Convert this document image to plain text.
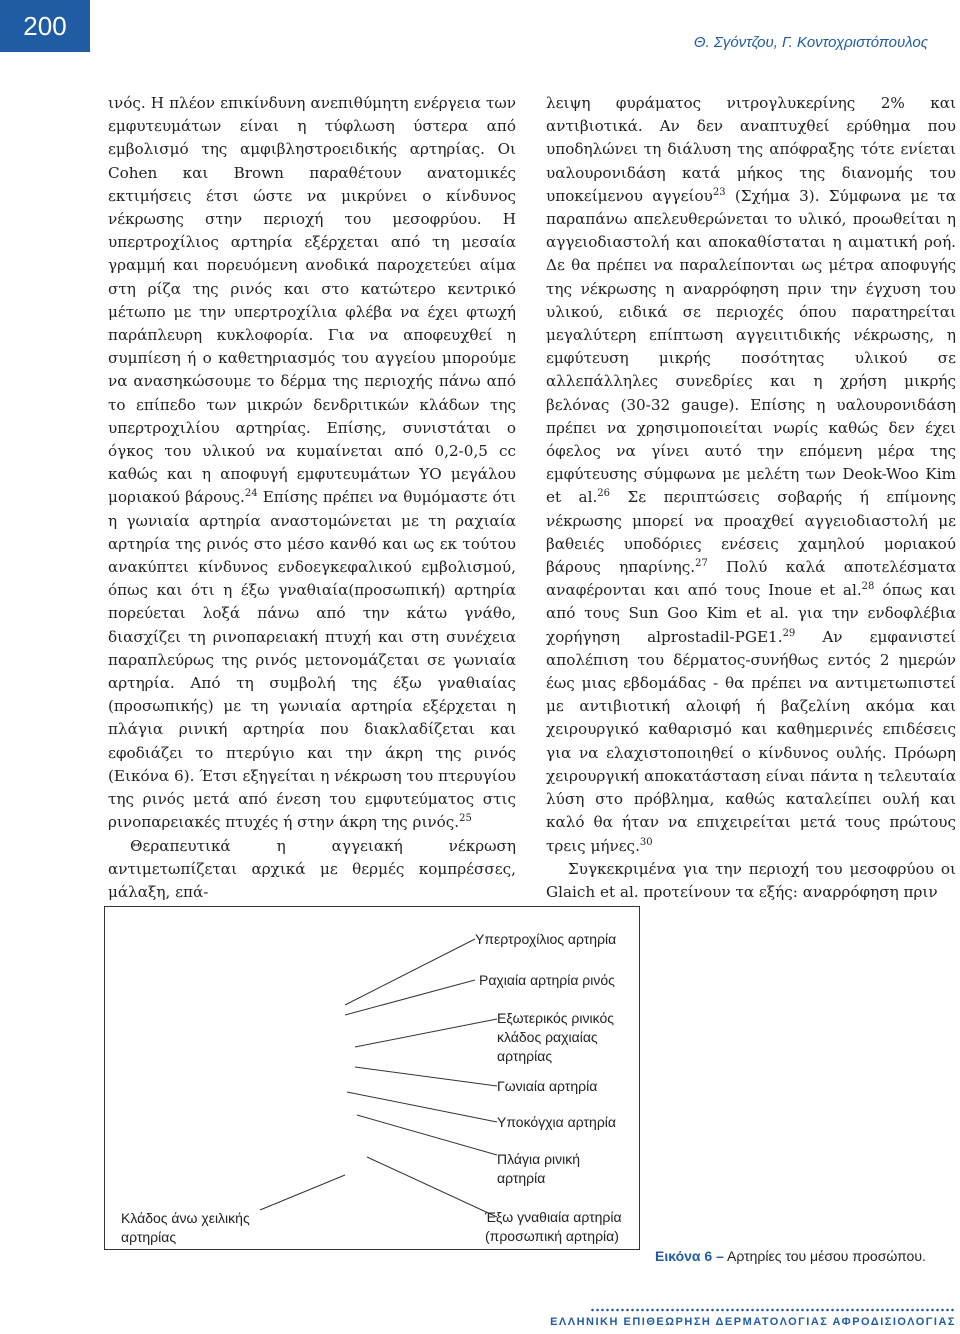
200
Θ. Σγόντζου, Γ. Κοντοχριστόπουλος

ινός. Η πλέον επικίνδυνη ανεπιθύμητη ενέργεια των εμφυτευμάτων είναι η τύφλωση ύστερα από εμβολισμό της αμφιβληστροειδικής αρτηρίας. Οι Cohen και Brown παραθέτουν ανατομικές εκτιμήσεις έτσι ώστε να μικρύνει ο κίνδυνος νέκρωσης στην περιοχή του μεσοφρύου. Η υπερτροχίλιος αρτηρία εξέρχεται από τη μεσαία γραμμή και πορευόμενη ανοδικά παροχετεύει αίμα στη ρίζα της ρινός και στο κατώτερο κεντρικό μέτωπο με την υπερτροχίλια φλέβα να έχει φτωχή παράπλευρη κυκλοφορία. Για να αποφευχθεί η συμπίεση ή ο καθετηριασμός του αγγείου μπορούμε να ανασηκώσουμε το δέρμα της περιοχής πάνω από το επίπεδο των μικρών δενδριτικών κλάδων της υπερτροχιλίου αρτηρίας. Επίσης, συνιστάται ο όγκος του υλικού να κυμαίνεται από 0,2-0,5 cc καθώς και η αποφυγή εμφυτευμάτων ΥΟ μεγάλου μοριακού βάρους.$^{24}$ Επίσης πρέπει να θυμόμαστε ότι η γωνιαία αρτηρία αναστομώνεται με τη ραχιαία αρτηρία της ρινός στο μέσο κανθό και ως εκ τούτου ανακύπτει κίνδυνος ενδοεγκεφαλικού εμβολισμού, όπως και ότι η έξω γναθιαία(προσωπική) αρτηρία πορεύεται λοξά πάνω από την κάτω γνάθο, διασχίζει τη ρινοπαρειακή πτυχή και στη συνέχεια παραπλεύρως της ρινός μετονομάζεται σε γωνιαία αρτηρία. Από τη συμβολή της έξω γναθιαίας (προσωπικής) με τη γωνιαία αρτηρία εξέρχεται η πλάγια ρινική αρτηρία που διακλαδίζεται και εφοδιάζει το πτερύγιο και την άκρη της ρινός (Εικόνα 6). Έτσι εξηγείται η νέκρωση του πτερυγίου της ρινός μετά από ένεση του εμφυτεύματος στις ρινοπαρειακές πτυχές ή στην άκρη της ρινός.$^{25}$

Θεραπευτικά η αγγειακή νέκρωση αντιμετωπίζεται αρχικά με θερμές κομπρέσσες, μάλαξη, επά-

λειψη φυράματος νιτρογλυκερίνης 2% και αντιβιοτικά. Αν δεν αναπτυχθεί ερύθημα που υποδηλώνει τη διάλυση της απόφραξης τότε ενίεται υαλουρονιδάση κατά μήκος της διανομής του υποκείμενου αγγείου$^{23}$ (Σχήμα 3). Σύμφωνα με τα παραπάνω απελευθερώνεται το υλικό, προωθείται η αγγειοδιαστολή και αποκαθίσταται η αιματική ροή. Δε θα πρέπει να παραλείπονται ως μέτρα αποφυγής της νέκρωσης η αναρρόφηση πριν την έγχυση του υλικού, ειδικά σε περιοχές όπου παρατηρείται μεγαλύτερη επίπτωση αγγειιτιδικής νέκρωσης, η εμφύτευση μικρής ποσότητας υλικού σε αλλεπάλληλες συνεδρίες και η χρήση μικρής βελόνας (30-32 gauge). Επίσης η υαλουρονιδάση πρέπει να χρησιμοποιείται νωρίς καθώς δεν έχει όφελος να γίνει αυτό την επόμενη μέρα της εμφύτευσης σύμφωνα με μελέτη των Deok-Woo Kim et al.$^{26}$ Σε περιπτώσεις σοβαρής ή επίμονης νέκρωσης μπορεί να προαχθεί αγγειοδιαστολή με βαθειές υποδόριες ενέσεις χαμηλού μοριακού βάρους ηπαρίνης.$^{27}$ Πολύ καλά αποτελέσματα αναφέρονται και από τους Inoue et al.$^{28}$ όπως και από τους Sun Goo Kim et al. για την ενδοφλέβια χορήγηση alprostadil-PGE1.29 Αν εμφανιστεί απολέπιση του δέρματος-συνήθως εντός 2 ημερών έως μιας εβδομάδας - θα πρέπει να αντιμετωπιστεί με αντιβιοτική αλοιφή ή βαζελίνη ακόμα και χειρουργικό καθαρισμό και καθημερινές επιδέσεις για να ελαχιστοποιηθεί ο κίνδυνος ουλής. Πρόωρη χειρουργική αποκατάσταση είναι πάντα η τελευταία λύση στο πρόβλημα, καθώς καταλείπει ουλή και καλό θα ήταν να επιχειρείται μετά τους πρώτους τρεις μήνες.$^{30}$

Συγκεκριμένα για την περιοχή του μεσοφρύου οι Glaich et al. προτείνουν τα εξής: αναρρόφηση πριν

Υπερτροχίλιος αρτηρία
Ραχιαία αρτηρία ρινός
Εξωτερικός ρινικός κλάδος ραχιαίας αρτηρίας
Γωνιαία αρτηρία
Υποκόγχια αρτηρία
Πλάγια ρινική αρτηρία
Έξω γναθιαία αρτηρία (προσωπική αρτηρία)
Κλάδος άνω χειλικής αρτηρίας
Εικόνα 6 – Αρτηρίες του μέσου προσώπου.
ΕΛΛΗΝΙΚΗ ΕΠΙΘΕΩΡΗΣΗ ΔΕΡΜΑΤΟΛΟΓΙΑΣ ΑΦΡΟΔΙΣΙΟΛΟΓΙΑΣ
